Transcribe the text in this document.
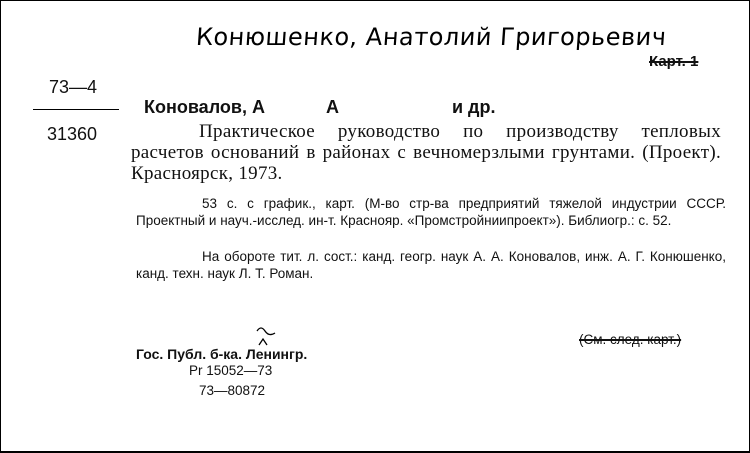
Конюшенко, Анатолий Григорьевич
Карт. 1
73—4
31360
Коновалов, А	А	и др.
Практическое руководство по производству тепловых расчетов оснований в районах с вечномерзлыми грунтами. (Проект). Красноярск, 1973.
53 с. с график., карт. (М-во стр-ва предприятий тяжелой индустрии СССР. Проектный и науч.-исслед. ин-т. Краснояр. «Промстройниипроект»). Библиогр.: с. 52.
На обороте тит. л. сост.: канд. геогр. наук А. А. Коновалов, инж. А. Г. Конюшенко, канд. техн. наук Л. Т. Роман.
(См. след. карт.)
Гос. Публ. б-ка. Ленингр.
Pr 15052—73
73—80872
